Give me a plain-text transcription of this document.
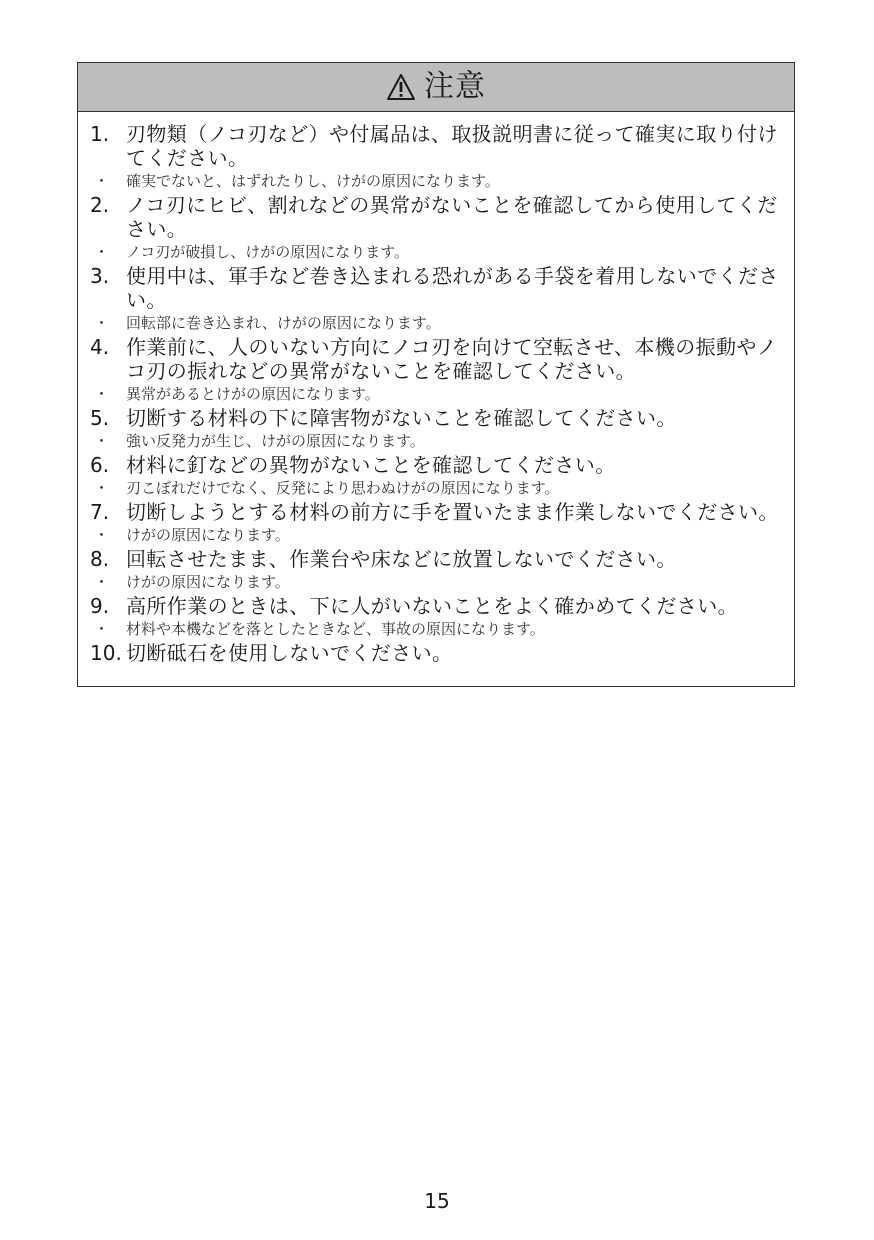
注意
1. 刃物類（ノコ刃など）や付属品は、取扱説明書に従って確実に取り付けてください。
・	確実でないと、はずれたりし、けがの原因になります。
2. ノコ刃にヒビ、割れなどの異常がないことを確認してから使用してください。
・	ノコ刃が破損し、けがの原因になります。
3. 使用中は、軍手など巻き込まれる恐れがある手袋を着用しないでください。
・	回転部に巻き込まれ、けがの原因になります。
4. 作業前に、人のいない方向にノコ刃を向けて空転させ、本機の振動やノコ刃の振れなどの異常がないことを確認してください。
・	異常があるとけがの原因になります。
5. 切断する材料の下に障害物がないことを確認してください。
・	強い反発力が生じ、けがの原因になります。
6. 材料に釘などの異物がないことを確認してください。
・	刃こぼれだけでなく、反発により思わぬけがの原因になります。
7. 切断しようとする材料の前方に手を置いたまま作業しないでください。
・	けがの原因になります。
8. 回転させたまま、作業台や床などに放置しないでください。
・	けがの原因になります。
9. 高所作業のときは、下に人がいないことをよく確かめてください。
・	材料や本機などを落としたときなど、事故の原因になります。
10. 切断砥石を使用しないでください。
15
